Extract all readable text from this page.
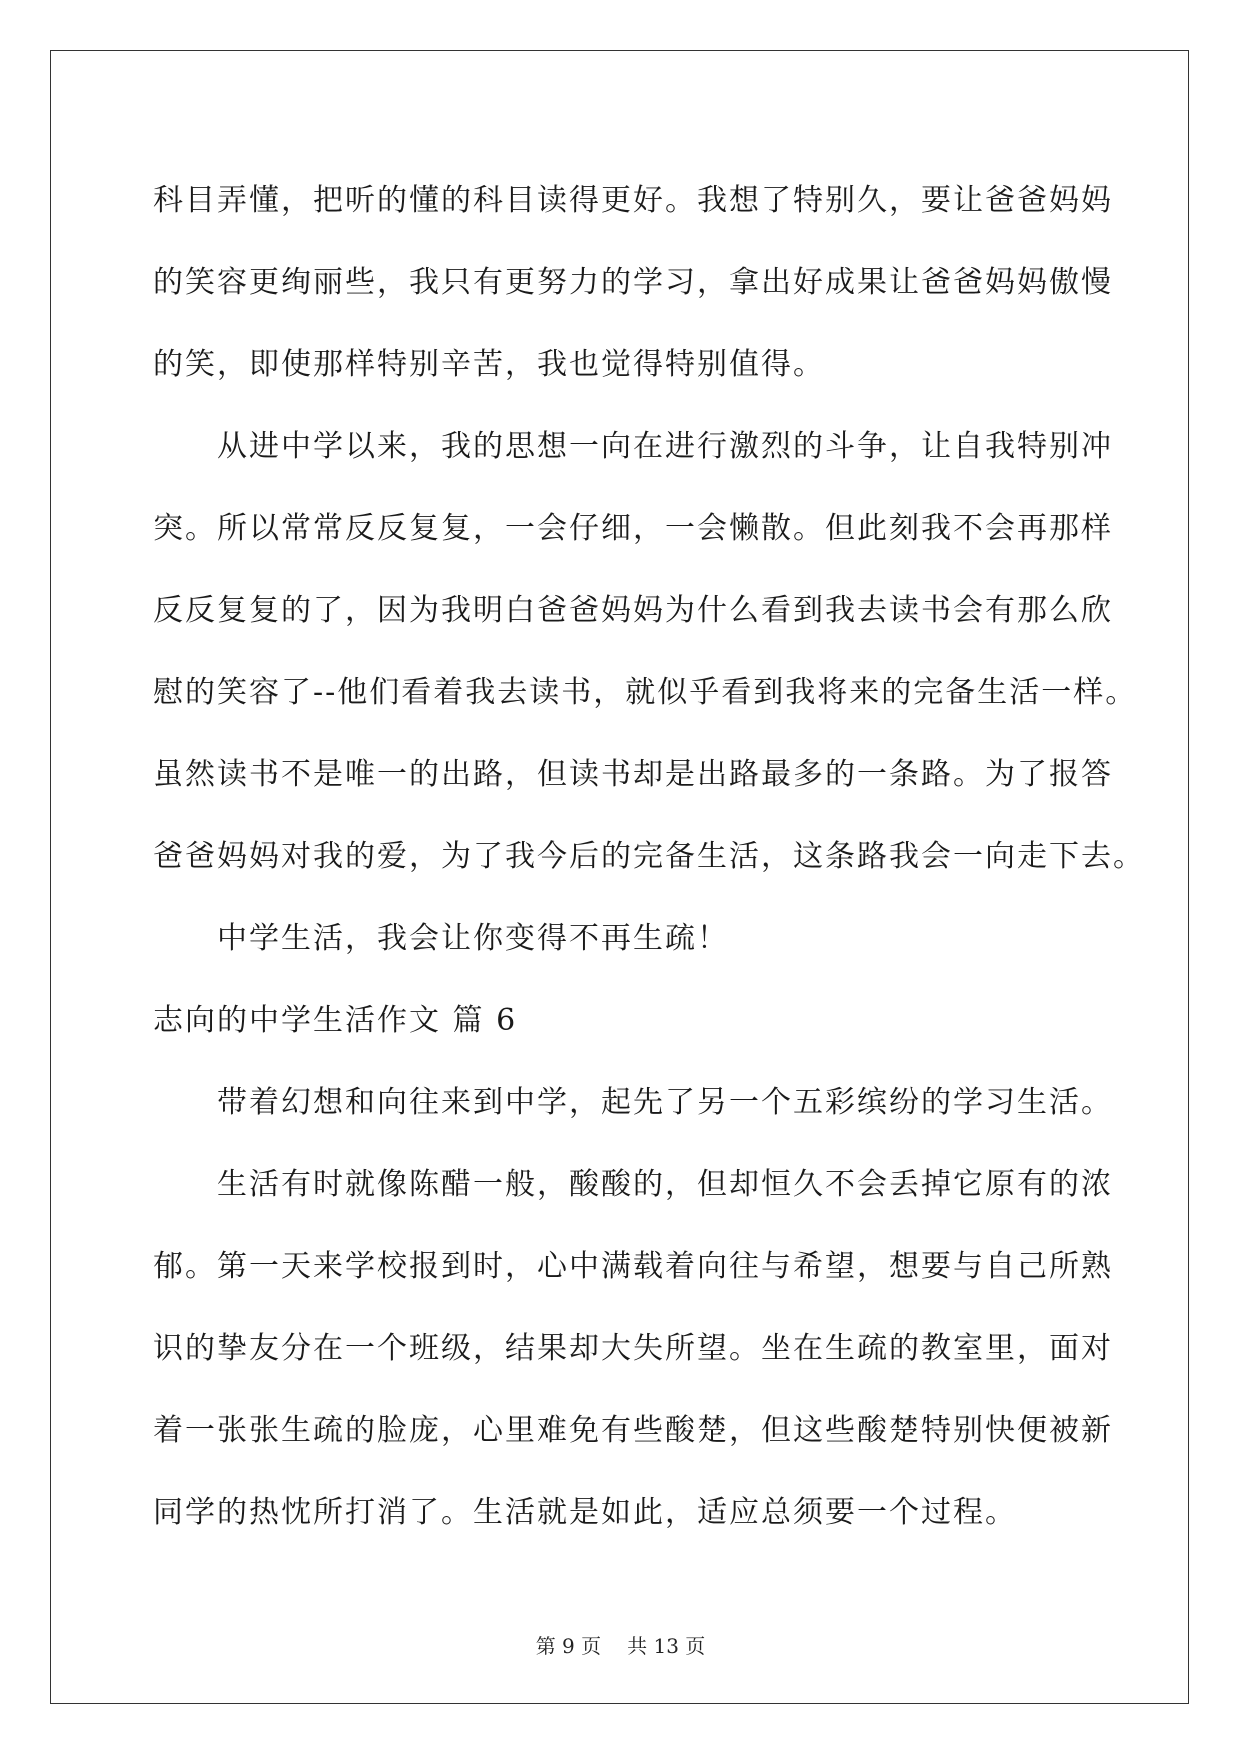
科目弄懂，把听的懂的科目读得更好。我想了特别久，要让爸爸妈妈
的笑容更绚丽些，我只有更努力的学习，拿出好成果让爸爸妈妈傲慢
的笑，即使那样特别辛苦，我也觉得特别值得。
从进中学以来，我的思想一向在进行激烈的斗争，让自我特别冲
突。所以常常反反复复，一会仔细，一会懒散。但此刻我不会再那样
反反复复的了，因为我明白爸爸妈妈为什么看到我去读书会有那么欣
慰的笑容了--他们看着我去读书，就似乎看到我将来的完备生活一样。
虽然读书不是唯一的出路，但读书却是出路最多的一条路。为了报答
爸爸妈妈对我的爱，为了我今后的完备生活，这条路我会一向走下去。
中学生活，我会让你变得不再生疏！
志向的中学生活作文 篇 6
带着幻想和向往来到中学，起先了另一个五彩缤纷的学习生活。
生活有时就像陈醋一般，酸酸的，但却恒久不会丢掉它原有的浓
郁。第一天来学校报到时，心中满载着向往与希望，想要与自己所熟
识的挚友分在一个班级，结果却大失所望。坐在生疏的教室里，面对
着一张张生疏的脸庞，心里难免有些酸楚，但这些酸楚特别快便被新
同学的热忱所打消了。生活就是如此，适应总须要一个过程。
第 9 页 共 13 页
